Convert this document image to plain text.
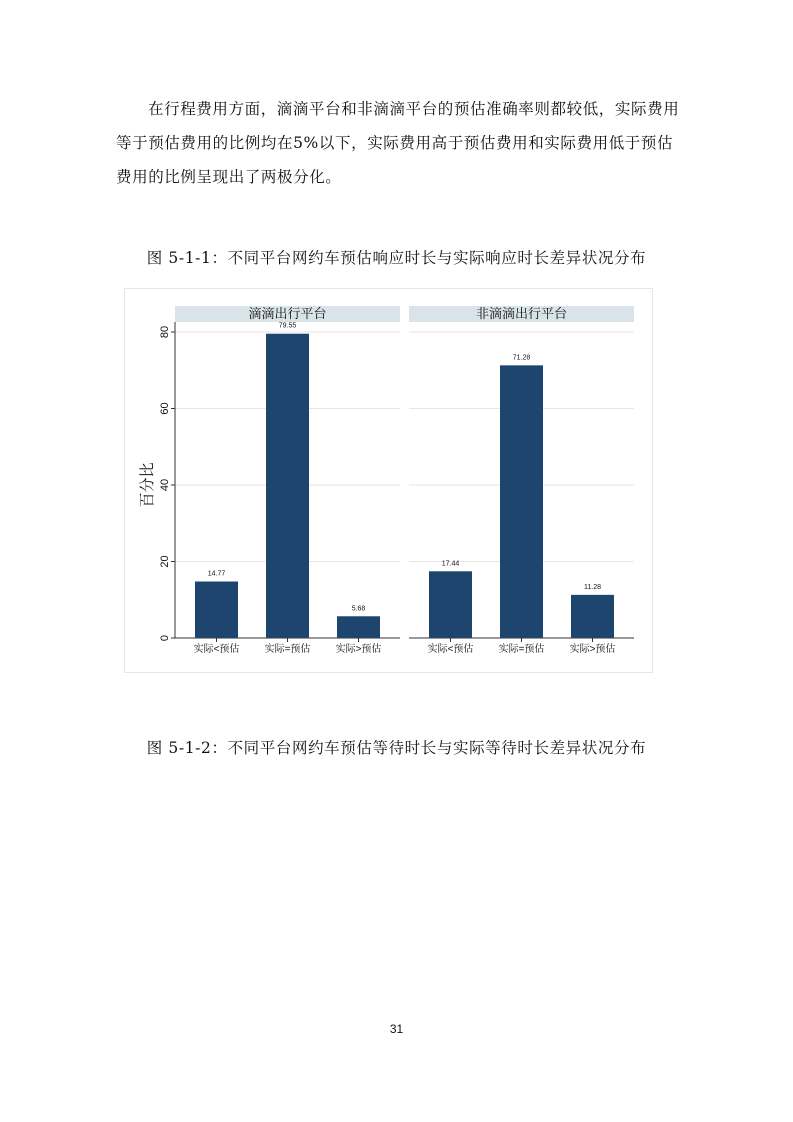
在行程费用方面，滴滴平台和非滴滴平台的预估准确率则都较低，实际费用等于预估费用的比例均在5%以下，实际费用高于预估费用和实际费用低于预估费用的比例呈现出了两极分化。

图 5-1-1：不同平台网约车预估响应时长与实际响应时长差异状况分布
百分比
0
20
40
60
80
滴滴出行平台
14.77
实际<预估
79.55
实际=预估
5.68
实际>预估
非滴滴出行平台
17.44
实际<预估
71.28
实际=预估
11.28
实际>预估
图 5-1-2：不同平台网约车预估等待时长与实际等待时长差异状况分布
31
